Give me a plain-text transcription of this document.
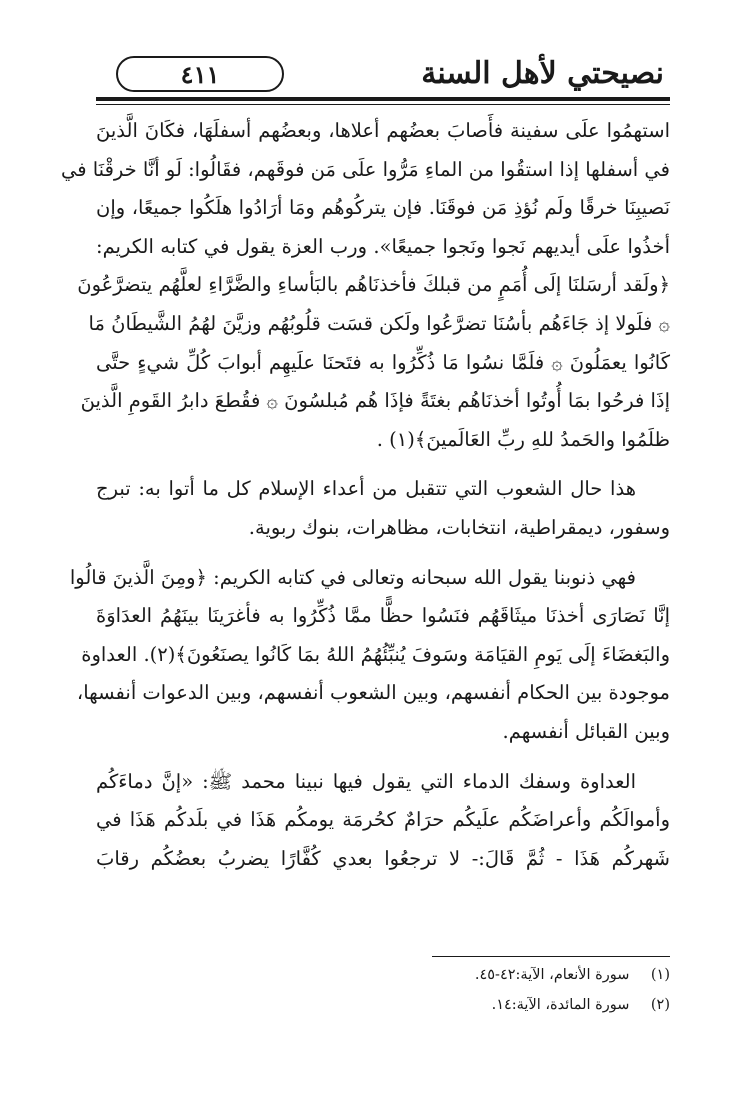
نصيحتي لأهل السنة
٤١١
استهمُوا علَى سفينة فأَصابَ بعضُهم أعلاها، وبعضُهم أسفلَهَا، فكَانَ الَّذينَ
في أسفلها إذا استقُوا من الماءِ مَرُّوا علَى مَن فوقَهم، فقَالُوا: لَو أنَّا خرقْنَا في
نَصيبِنَا خرقًا ولَم نُؤذِ مَن فوقَنَا. فإن يتركُوهُم ومَا أرَادُوا هلَكُوا جميعًا، وإن
أخذُوا علَى أيديهم نَجوا ونَجوا جميعًا». ورب العزة يقول في كتابه الكريم:
﴿ولَقد أرسَلنَا إلَى أُمَمٍ من قبلكَ فأخذنَاهُم بالبَأساءِ والضَّرَّاءِ لعلَّهُم يتضرَّعُونَ
۞ فلَولا إذ جَاءَهُم بأسُنَا تضرَّعُوا ولَكن قسَت قلُوبُهُم وزيَّنَ لهُمُ الشَّيطَانُ مَا
كَانُوا يعمَلُونَ ۞ فلَمَّا نسُوا مَا ذُكِّرُوا به فتَحنَا علَيهِم أبوابَ كُلِّ شيءٍ حتَّى
إذَا فرحُوا بمَا أُوتُوا أخذنَاهُم بغتَةً فإذَا هُم مُبلسُونَ ۞ فقُطعَ دابرُ القَومِ الَّذينَ
ظلَمُوا والحَمدُ للهِ ربِّ العَالَمينَ﴾(١) .
هذا حال الشعوب التي تتقبل من أعداء الإسلام كل ما أتوا به: تبرج
وسفور، ديمقراطية، انتخابات، مظاهرات، بنوك ربوية.
فهي ذنوبنا يقول الله سبحانه وتعالى في كتابه الكريم: ﴿ومِنَ الَّذينَ قالُوا
إنَّا نَصَارَى أخذنَا ميثَاقَهُم فنَسُوا حظًّا ممَّا ذُكِّرُوا به فأغرَينَا بينَهُمُ العدَاوَةَ
والبَغضَاءَ إلَى يَومِ القيَامَة وسَوفَ يُنبِّئُهُمُ اللهُ بمَا كَانُوا يصنَعُونَ﴾(٢). العداوة
موجودة بين الحكام أنفسهم، وبين الشعوب أنفسهم، وبين الدعوات أنفسها،
وبين القبائل أنفسهم.
العداوة وسفك الدماء التي يقول فيها نبينا محمد ﷺ: «إنَّ دماءَكُم
وأموالَكُم وأعراضَكُم علَيكُم حرَامٌ كحُرمَة يومكُم هَذَا في بلَدكُم هَذَا في
شَهركُم هَذَا - ثُمَّ قَالَ:- لا ترجعُوا بعدي كُفَّارًا يضربُ بعضُكُم رقابَ
(١) سورة الأنعام، الآية:٤٢-٤٥.
(٢) سورة المائدة، الآية:١٤.
